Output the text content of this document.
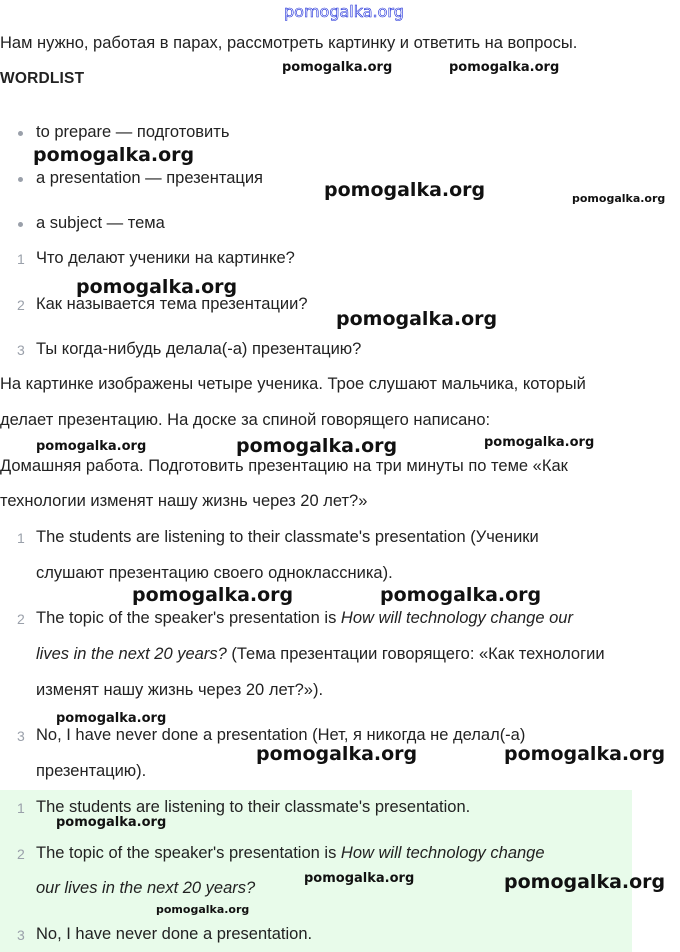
pomogalka.org
Нам нужно, работая в парах, рассмотреть картинку и ответить на вопросы.
WORDLIST
to prepare — подготовить
a presentation — презентация
a subject — тема
1 Что делают ученики на картинке?
2 Как называется тема презентации?
3 Ты когда-нибудь делала(-а) презентацию?
На картинке изображены четыре ученика. Трое слушают мальчика, который
делает презентацию. На доске за спиной говорящего написано:
Домашняя работа. Подготовить презентацию на три минуты по теме «Как
технологии изменят нашу жизнь через 20 лет?»
1 The students are listening to their classmate's presentation (Ученики
слушают презентацию своего одноклассника).
2 The topic of the speaker's presentation is How will technology change our
lives in the next 20 years? (Тема презентации говорящего: «Как технологии
изменят нашу жизнь через 20 лет?»).
3 No, I have never done a presentation (Нет, я никогда не делал(-а)
презентацию).
1 The students are listening to their classmate's presentation.
2 The topic of the speaker's presentation is How will technology change
our lives in the next 20 years?
3 No, I have never done a presentation.
pomogalka.org	pomogalka.org
pomogalka.org
pomogalka.org	pomogalka.org
pomogalka.org
pomogalka.org
pomogalka.org	pomogalka.org	pomogalka.org
pomogalka.org	pomogalka.org
pomogalka.org
pomogalka.org	pomogalka.org
pomogalka.org
pomogalka.org	pomogalka.org
pomogalka.org
